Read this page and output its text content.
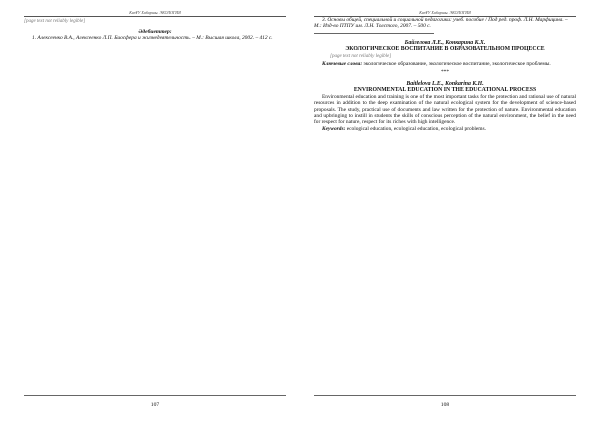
КазҰУ Хабаршы. ЭКОЛОГИЯ

[page text not reliably legible]

Әдебиеттер:
1. Алексеенко В.А., Алексеенко Л.П. Биосфера и жизнедеятельность. – М.: Высшая школа, 2002. – 412 с.
107
КазҰУ Хабаршы. ЭКОЛОГИЯ
3. Основы общей, специальной и социальной педагогики: учеб. пособие / Под ред. проф. Л.Н. Марфицина. – М.: Изд-во ПТПУ им. Л.Н. Толстого, 2007. – 500 с.
Байгелова Л.Е., Конкарина К.Х.
ЭКОЛОГИЧЕСКОЕ ВОСПИТАНИЕ В ОБРАЗОВАТЕЛЬНОМ ПРОЦЕССЕ

[page text not reliably legible]

Ключевые слова: экологическое образование, экологическое воспитание, экологическое проблемы.

***
Baitlelova L.E., Konkarina K.H.
ENVIRONMENTAL EDUCATION IN THE EDUCATIONAL PROCESS

Environmental education and training is one of the most important tasks for the protection and rational use of natural resources in addition to the deep examination of the natural ecological system for the development of science-based proposals. The study, practical use of documents and law written for the protection of nature. Environmental education and upbringing to instill in students the skills of conscious perception of the natural environment, the belief in the need for respect for nature, respect for its riches with high intelligence.

Keywords: ecological education, ecological education, ecological problems.

108
